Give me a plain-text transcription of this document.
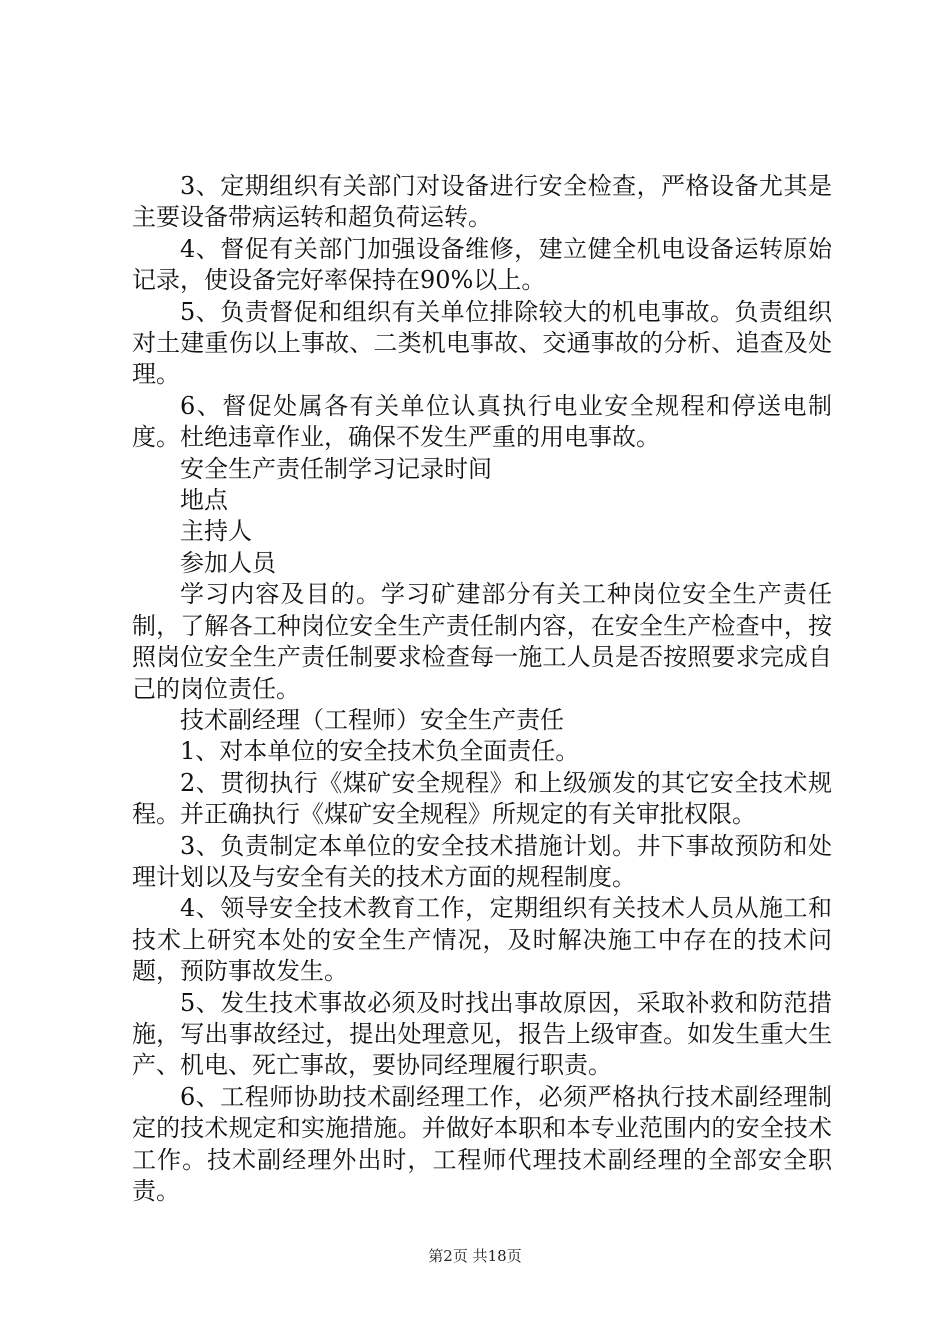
3、定期组织有关部门对设备进行安全检查，严格设备尤其是主要设备带病运转和超负荷运转。

4、督促有关部门加强设备维修，建立健全机电设备运转原始记录，使设备完好率保持在90%以上。

5、负责督促和组织有关单位排除较大的机电事故。负责组织对土建重伤以上事故、二类机电事故、交通事故的分析、追查及处理。

6、督促处属各有关单位认真执行电业安全规程和停送电制度。杜绝违章作业，确保不发生严重的用电事故。

安全生产责任制学习记录时间

地点

主持人

参加人员

学习内容及目的。学习矿建部分有关工种岗位安全生产责任制，了解各工种岗位安全生产责任制内容，在安全生产检查中，按照岗位安全生产责任制要求检查每一施工人员是否按照要求完成自己的岗位责任。

技术副经理（工程师）安全生产责任

1、对本单位的安全技术负全面责任。

2、贯彻执行《煤矿安全规程》和上级颁发的其它安全技术规程。并正确执行《煤矿安全规程》所规定的有关审批权限。

3、负责制定本单位的安全技术措施计划。井下事故预防和处理计划以及与安全有关的技术方面的规程制度。

4、领导安全技术教育工作，定期组织有关技术人员从施工和技术上研究本处的安全生产情况，及时解决施工中存在的技术问题，预防事故发生。

5、发生技术事故必须及时找出事故原因，采取补救和防范措施，写出事故经过，提出处理意见，报告上级审查。如发生重大生产、机电、死亡事故，要协同经理履行职责。

6、工程师协助技术副经理工作，必须严格执行技术副经理制定的技术规定和实施措施。并做好本职和本专业范围内的安全技术工作。技术副经理外出时，工程师代理技术副经理的全部安全职责。

第2页 共18页
